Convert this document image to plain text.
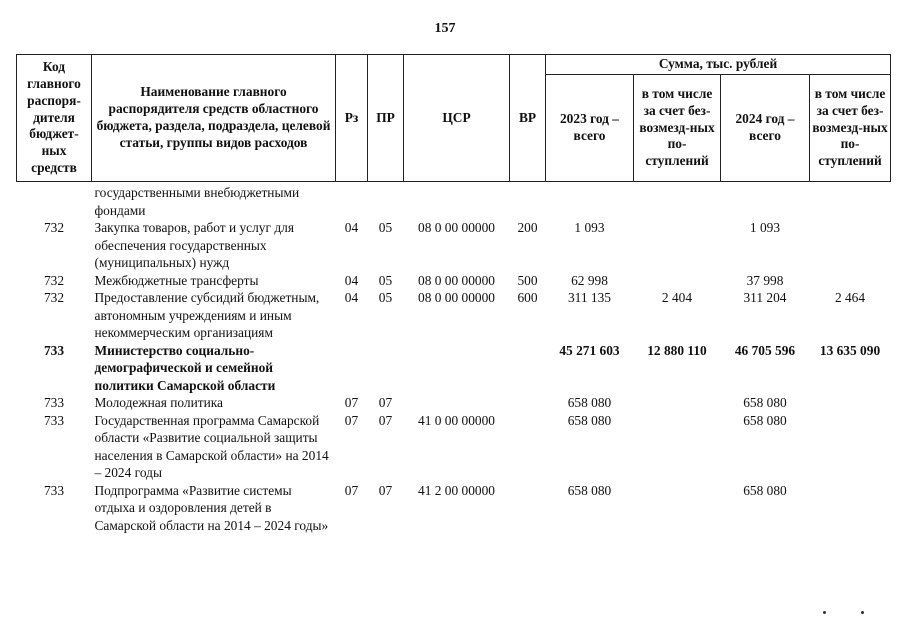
157
Код главного распоря-дителя бюджет-ных средств	Наименование главного распорядителя средств областного бюджета, раздела, подраздела, целевой статьи, группы видов расходов	Рз	ПР	ЦСР	ВР	Сумма, тыс. рублей			
						2023 год – всего	в том числе за счет без-возмезд-ных по-ступлений	2024 год – всего	в том числе за счет без-возмезд-ных по-ступлений
	государственными внебюджетными фондами								
732	Закупка товаров, работ и услуг для обеспечения государственных (муниципальных) нужд	04	05	08 0 00 00000	200	1 093		1 093	
732	Межбюджетные трансферты	04	05	08 0 00 00000	500	62 998		37 998	
732	Предоставление субсидий бюджетным, автономным учреждениям и иным некоммерческим организациям	04	05	08 0 00 00000	600	311 135	2 404	311 204	2 464
733	Министерство социально-демографической и семейной политики Самарской области					45 271 603	12 880 110	46 705 596	13 635 090
733	Молодежная политика	07	07			658 080		658 080	
733	Государственная программа Самарской области «Развитие социальной защиты населения в Самарской области» на 2014 – 2024 годы	07	07	41 0 00 00000		658 080		658 080	
733	Подпрограмма «Развитие системы отдыха и оздоровления детей в Самарской области на 2014 – 2024 годы»	07	07	41 2 00 00000		658 080		658 080	
